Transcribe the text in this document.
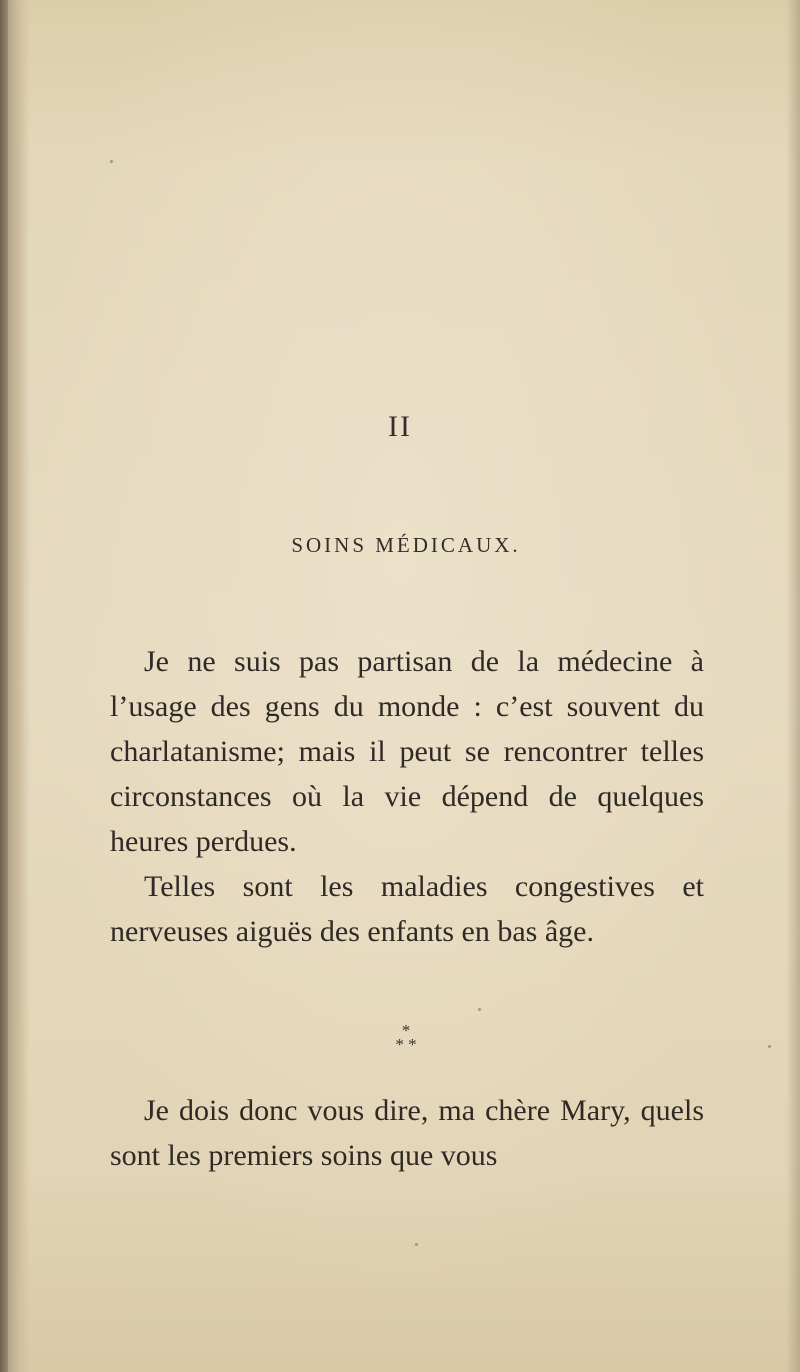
II
SOINS MÉDICAUX.

Je ne suis pas partisan de la médecine à l’usage des gens du monde : c’est souvent du charlatanisme; mais il peut se rencontrer telles circonstances où la vie dépend de quelques heures perdues.

Telles sont les maladies congestives et nerveuses aiguës des enfants en bas âge.

*
* *

Je dois donc vous dire, ma chère Mary, quels sont les premiers soins que vous
